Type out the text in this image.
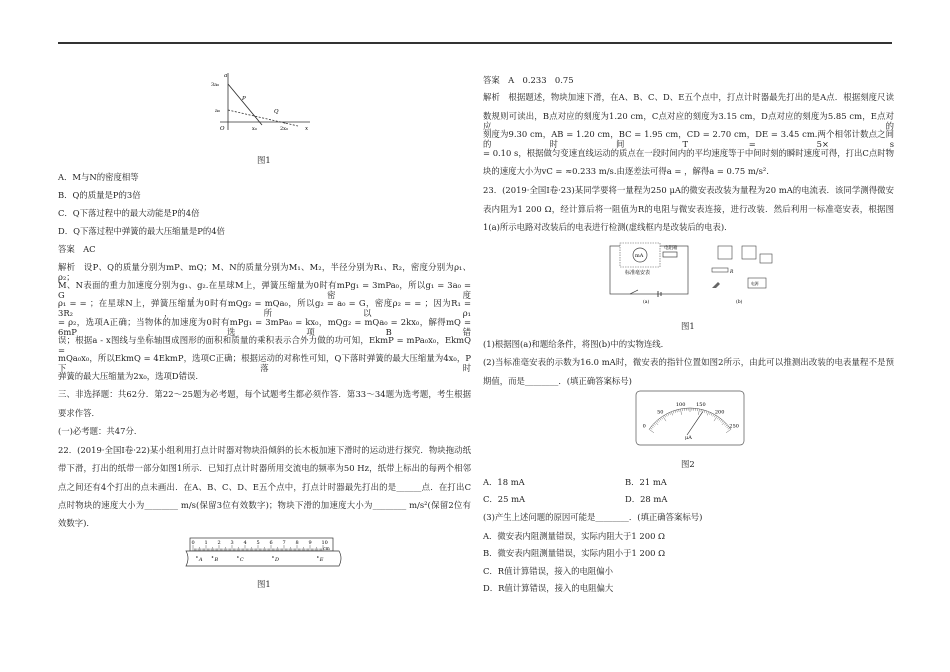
a
3a₀
a₀
O	x₀	2x₀	x
P
Q
图1
A．M与N的密度相等
B．Q的质量是P的3倍
C．Q下落过程中的最大动能是P的4倍
D．Q下落过程中弹簧的最大压缩量是P的4倍
答案　AC
解析　设P、Q的质量分别为mP、mQ；M、N的质量分别为M₁、M₂，半径分别为R₁、R₂，密度分别为ρ₁、ρ₂；
M、N表面的重力加速度分别为g₁、g₂.在星球M上，弹簧压缩量为0时有mPg₁ = 3mPa₀，所以g₁ = 3a₀ = G，密度
ρ₁ = = ；在星球N上，弹簧压缩量为0时有mQg₂ = mQa₀，所以g₂ = a₀ = G，密度ρ₂ = = ；因为R₁ = 3R₂，所以ρ₁
= ρ₂，选项A正确；当物体的加速度为0时有mPg₁ = 3mPa₀ = kx₀，mQg₂ = mQa₀ = 2kx₀，解得mQ = 6mP，选项B错
误；根据a - x图线与坐标轴围成图形的面积和质量的乘积表示合外力做的功可知，EkmP = mPa₀x₀，EkmQ =
mQa₀x₀，所以EkmQ = 4EkmP，选项C正确；根据运动的对称性可知，Q下落时弹簧的最大压缩量为4x₀，P下落时
弹簧的最大压缩量为2x₀，选项D错误.
三、非选择题：共62分．第22～25题为必考题，每个试题考生都必须作答．第33～34题为选考题，考生根据
要求作答．
(一)必考题：共47分．
22．(2019·全国Ⅰ卷·22)某小组利用打点计时器对物块沿倾斜的长木板加速下滑时的运动进行探究．物块拖动纸
带下滑，打出的纸带一部分如图1所示．已知打点计时器所用交流电的频率为50 Hz，纸带上标出的每两个相邻
点之间还有4个打出的点未画出．在A、B、C、D、E五个点中，打点计时器最先打出的是______点．在打出C
点时物块的速度大小为________ m/s(保留3位有效数字)；物块下滑的加速度大小为________ m/s²(保留2位有
效数字)．
0 1 2 3 4 5 6 7 8 9 10
cm
A B	C	D	E
图1
答案　A　0.233　0.75
解析　根据题述，物块加速下滑，在A、B、C、D、E五个点中，打点计时器最先打出的是A点．根据刻度尺读
数规则可读出，B点对应的刻度为1.20 cm，C点对应的刻度为3.15 cm，D点对应的刻度为5.85 cm，E点对应的
刻度为9.30 cm，AB = 1.20 cm，BC = 1.95 cm，CD = 2.70 cm，DE = 3.45 cm.两个相邻计数点之间的时间T = 5× s
= 0.10 s，根据做匀变速直线运动的质点在一段时间内的平均速度等于中间时刻的瞬时速度可得，打出C点时物
块的速度大小为vC = ≈0.233 m/s.由逐差法可得a = ，解得a = 0.75 m/s².
23．(2019·全国Ⅰ卷·23)某同学要将一量程为250 μA的微安表改装为量程为20 mA的电流表．该同学测得微安
表内阻为1 200 Ω，经计算后将一阻值为R的电阻与微安表连接，进行改装．然后利用一标准毫安表，根据图
1(a)所示电路对改装后的电表进行检测(虚线框内是改装后的电表)．
mA
电阻箱
标准毫安表
(a)
R
电源
(b)
图1
(1)根据图(a)和题给条件，将图(b)中的实物连线．
(2)当标准毫安表的示数为16.0 mA时，微安表的指针位置如图2所示，由此可以推测出改装的电表量程不是预
期值，而是________．(填正确答案标号)
0
50
100 150
200
250
μA
图2
A．18 mA	B．21 mA
C．25 mA	D．28 mA
(3)产生上述问题的原因可能是________．(填正确答案标号)
A．微安表内阻测量错误，实际内阻大于1 200 Ω
B．微安表内阻测量错误，实际内阻小于1 200 Ω
C．R值计算错误，接入的电阻偏小
D．R值计算错误，接入的电阻偏大
